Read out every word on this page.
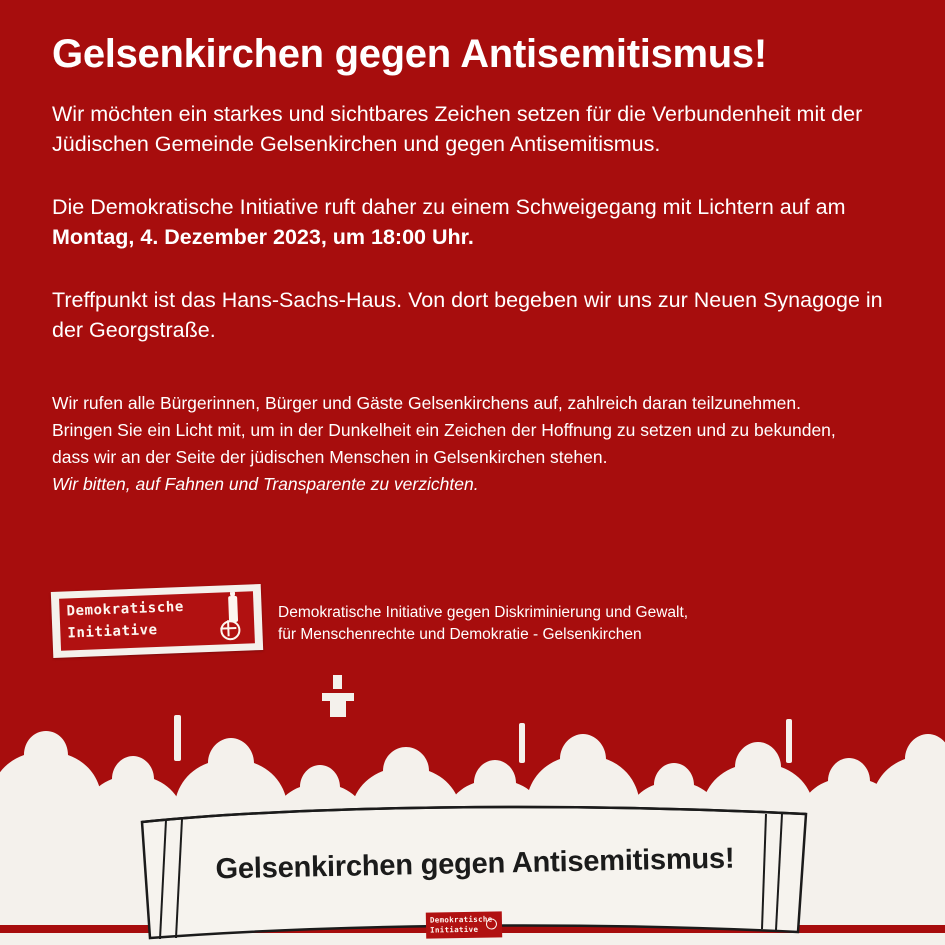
Gelsenkirchen gegen Antisemitismus!

Wir möchten ein starkes und sichtbares Zeichen setzen für die Verbundenheit mit der Jüdischen Gemeinde Gelsenkirchen und gegen Antisemitismus.

Die Demokratische Initiative ruft daher zu einem Schweigegang mit Lichtern auf am Montag, 4. Dezember 2023, um 18:00 Uhr.

Treffpunkt ist das Hans-Sachs-Haus. Von dort begeben wir uns zur Neuen Synagoge in der Georgstraße.

Wir rufen alle Bürgerinnen, Bürger und Gäste Gelsenkirchens auf, zahlreich daran teilzunehmen.
Bringen Sie ein Licht mit, um in der Dunkelheit ein Zeichen der Hoffnung zu setzen und zu bekunden,
dass wir an der Seite der jüdischen Menschen in Gelsenkirchen stehen.
Wir bitten, auf Fahnen und Transparente zu verzichten.

Demokratische
Initiative
Demokratische Initiative gegen Diskriminierung und Gewalt,
für Menschenrechte und Demokratie - Gelsenkirchen
Gelsenkirchen gegen Antisemitismus!
Demokratische
Initiative
